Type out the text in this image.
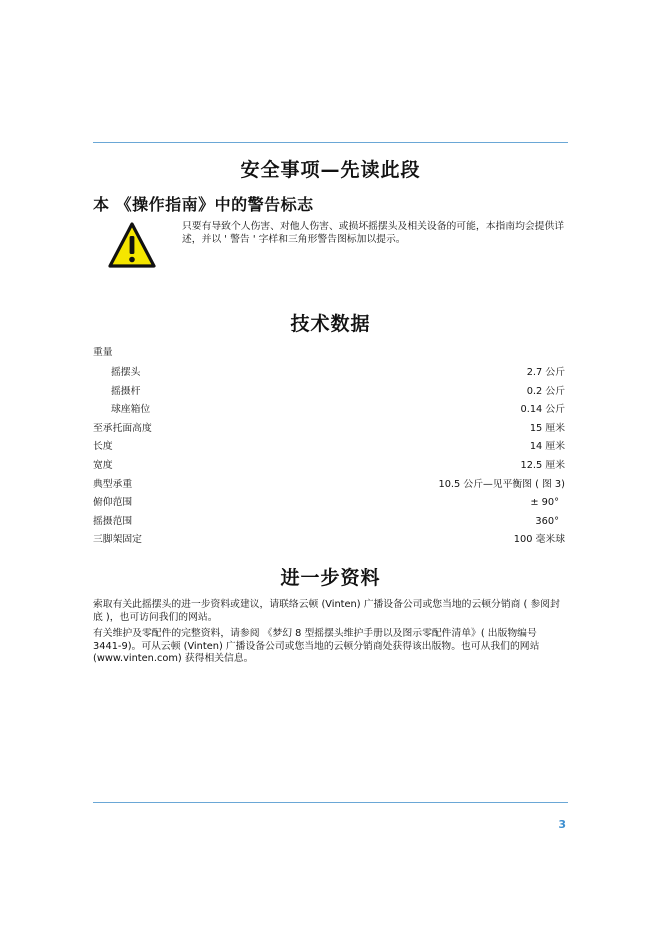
安全事项—先读此段
本 《操作指南》中的警告标志

只要有导致个人伤害、对他人伤害、或损坏摇摆头及相关设备的可能，本指南均会提供详述，并以 ' 警告 ' 字样和三角形警告图标加以提示。

技术数据
重量
摇摆头	2.7 公斤
摇摄杆	0.2 公斤
球座箱位	0.14 公斤
至承托面高度	15 厘米
长度	14 厘米
宽度	12.5 厘米
典型承重	10.5 公斤—见平衡图 ( 图 3)
俯仰范围	± 90°
摇摄范围	360°
三脚架固定	100 毫米球
进一步资料

索取有关此摇摆头的进一步资料或建议，请联络云顿 (Vinten) 广播设备公司或您当地的云顿分销商 ( 参阅封底 )，也可访问我们的网站。

有关维护及零配件的完整资料，请参阅 《梦幻 8 型摇摆头维护手册以及图示零配件清单》( 出版物编号 3441-9)。可从云顿 (Vinten) 广播设备公司或您当地的云顿分销商处获得该出版物。也可从我们的网站 (www.vinten.com) 获得相关信息。

3
